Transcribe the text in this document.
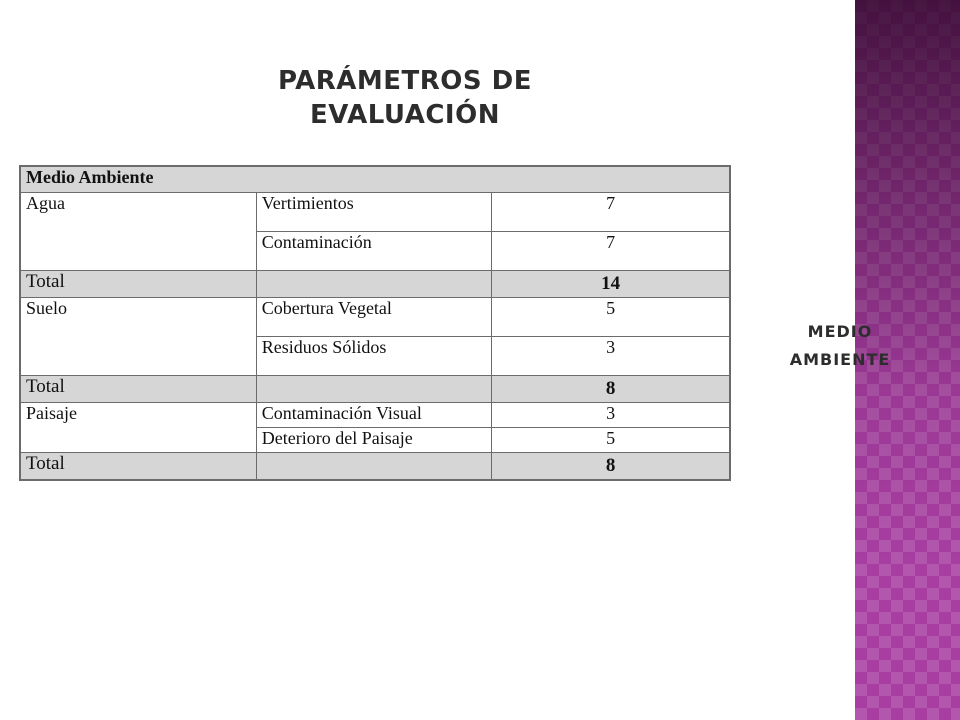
PARÁMETROS DE
EVALUACIÓN
Medio Ambiente		
Agua	Vertimientos	7
	Contaminación	7
Total		14
Suelo	Cobertura Vegetal	5
	Residuos Sólidos	3
Total		8
Paisaje	Contaminación Visual	3
	Deterioro del Paisaje	5
Total		8
MEDIO
AMBIENTE
